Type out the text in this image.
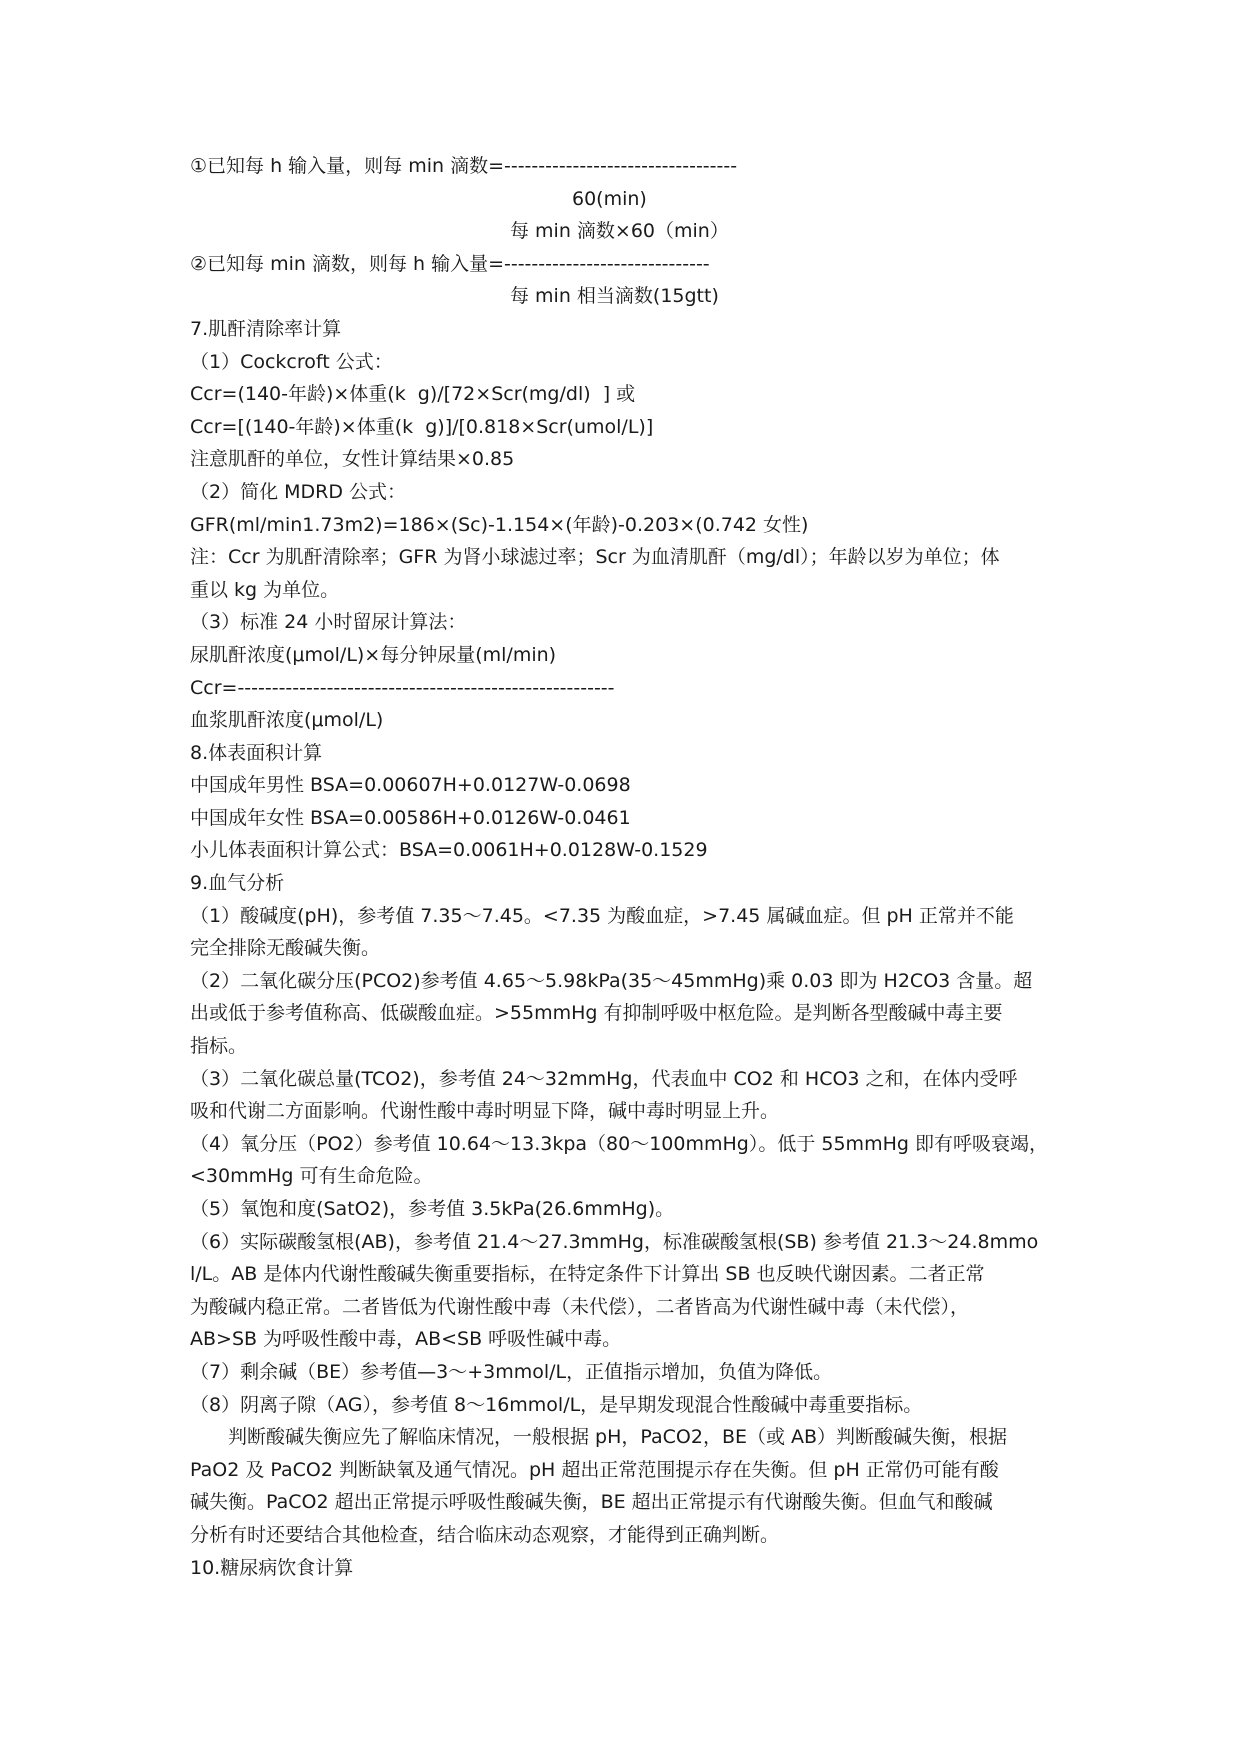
①已知每 h 输入量，则每 min 滴数=----------------------------------
60(min)
每 min 滴数×60（min）
②已知每 min 滴数，则每 h 输入量=------------------------------
每 min 相当滴数(15gtt)
7.肌酐清除率计算
（1）Cockcroft 公式：
Ccr=(140-年龄)×体重(k  g)/[72×Scr(mg/dl)  ] 或
Ccr=[(140-年龄)×体重(k  g)]/[0.818×Scr(umol/L)]
注意肌酐的单位，女性计算结果×0.85
（2）简化 MDRD 公式：
GFR(ml/min1.73m2)=186×(Sc)-1.154×(年龄)-0.203×(0.742 女性)
注：Ccr 为肌酐清除率；GFR 为肾小球滤过率；Scr 为血清肌酐（mg/dl）；年龄以岁为单位；体
重以 kg 为单位。
（3）标准 24 小时留尿计算法：
尿肌酐浓度(μmol/L)×每分钟尿量(ml/min)
Ccr=-------------------------------------------------------
血浆肌酐浓度(μmol/L)
8.体表面积计算
中国成年男性 BSA=0.00607H+0.0127W-0.0698
中国成年女性 BSA=0.00586H+0.0126W-0.0461
小儿体表面积计算公式：BSA=0.0061H+0.0128W-0.1529
9.血气分析
（1）酸碱度(pH)，参考值 7.35～7.45。<7.35 为酸血症，>7.45 属碱血症。但 pH 正常并不能
完全排除无酸碱失衡。
（2）二氧化碳分压(PCO2)参考值 4.65～5.98kPa(35～45mmHg)乘 0.03 即为 H2CO3 含量。超
出或低于参考值称高、低碳酸血症。>55mmHg 有抑制呼吸中枢危险。是判断各型酸碱中毒主要
指标。
（3）二氧化碳总量(TCO2)，参考值 24～32mmHg，代表血中 CO2 和 HCO3 之和，在体内受呼
吸和代谢二方面影响。代谢性酸中毒时明显下降，碱中毒时明显上升。
（4）氧分压（PO2）参考值 10.64～13.3kpa（80～100mmHg）。低于 55mmHg 即有呼吸衰竭，
<30mmHg 可有生命危险。
（5）氧饱和度(SatO2)，参考值 3.5kPa(26.6mmHg)。
（6）实际碳酸氢根(AB)，参考值 21.4～27.3mmHg，标准碳酸氢根(SB) 参考值 21.3～24.8mmo
l/L。AB 是体内代谢性酸碱失衡重要指标，在特定条件下计算出 SB 也反映代谢因素。二者正常
为酸碱内稳正常。二者皆低为代谢性酸中毒（未代偿），二者皆高为代谢性碱中毒（未代偿），
AB>SB 为呼吸性酸中毒，AB<SB 呼吸性碱中毒。
（7）剩余碱（BE）参考值—3～+3mmol/L，正值指示增加，负值为降低。
（8）阴离子隙（AG），参考值 8～16mmol/L，是早期发现混合性酸碱中毒重要指标。
判断酸碱失衡应先了解临床情况，一般根据 pH，PaCO2，BE（或 AB）判断酸碱失衡，根据
PaO2 及 PaCO2 判断缺氧及通气情况。pH 超出正常范围提示存在失衡。但 pH 正常仍可能有酸
碱失衡。PaCO2 超出正常提示呼吸性酸碱失衡，BE 超出正常提示有代谢酸失衡。但血气和酸碱
分析有时还要结合其他检查，结合临床动态观察，才能得到正确判断。
10.糖尿病饮食计算
